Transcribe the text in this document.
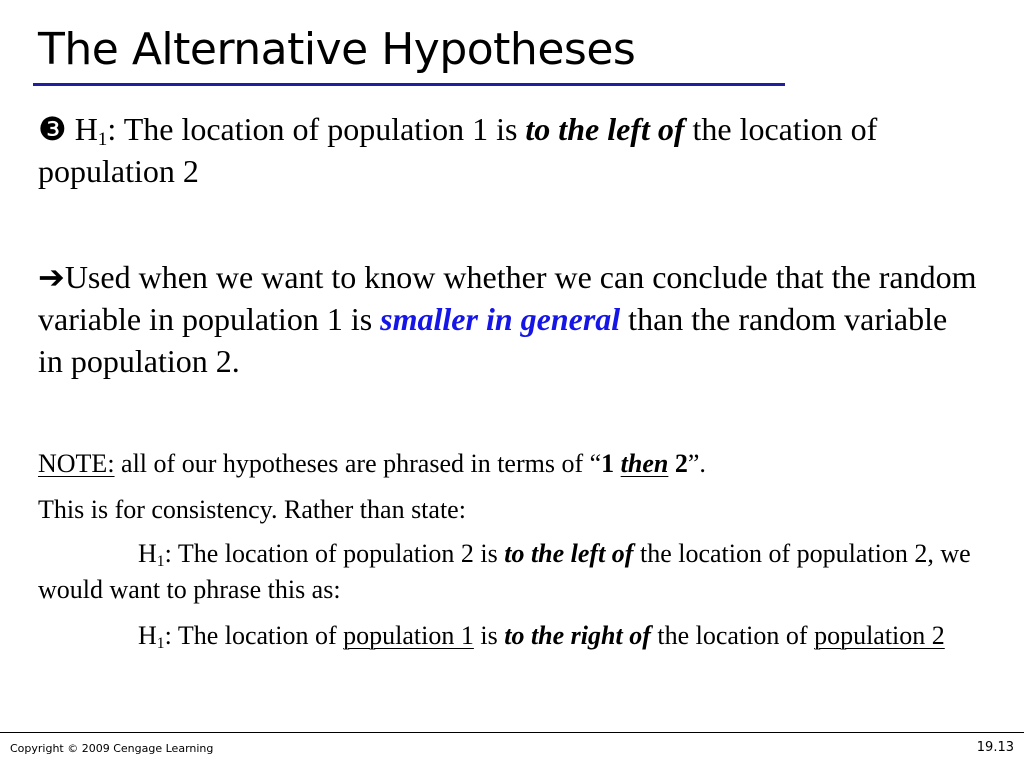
The Alternative Hypotheses

❸ $H_1$: The location of population 1 is to the left of the location of population 2

➔Used when we want to know whether we can conclude that the random variable in population 1 is smaller in general than the random variable in population 2.

NOTE: all of our hypotheses are phrased in terms of “1 then 2”.

This is for consistency. Rather than state:

$H_1$: The location of population 2 is to the left of the location of population 2, we would want to phrase this as:

$H_1$: The location of population 1 is to the right of the location of population 2

Copyright © 2009 Cengage Learning	19.13
